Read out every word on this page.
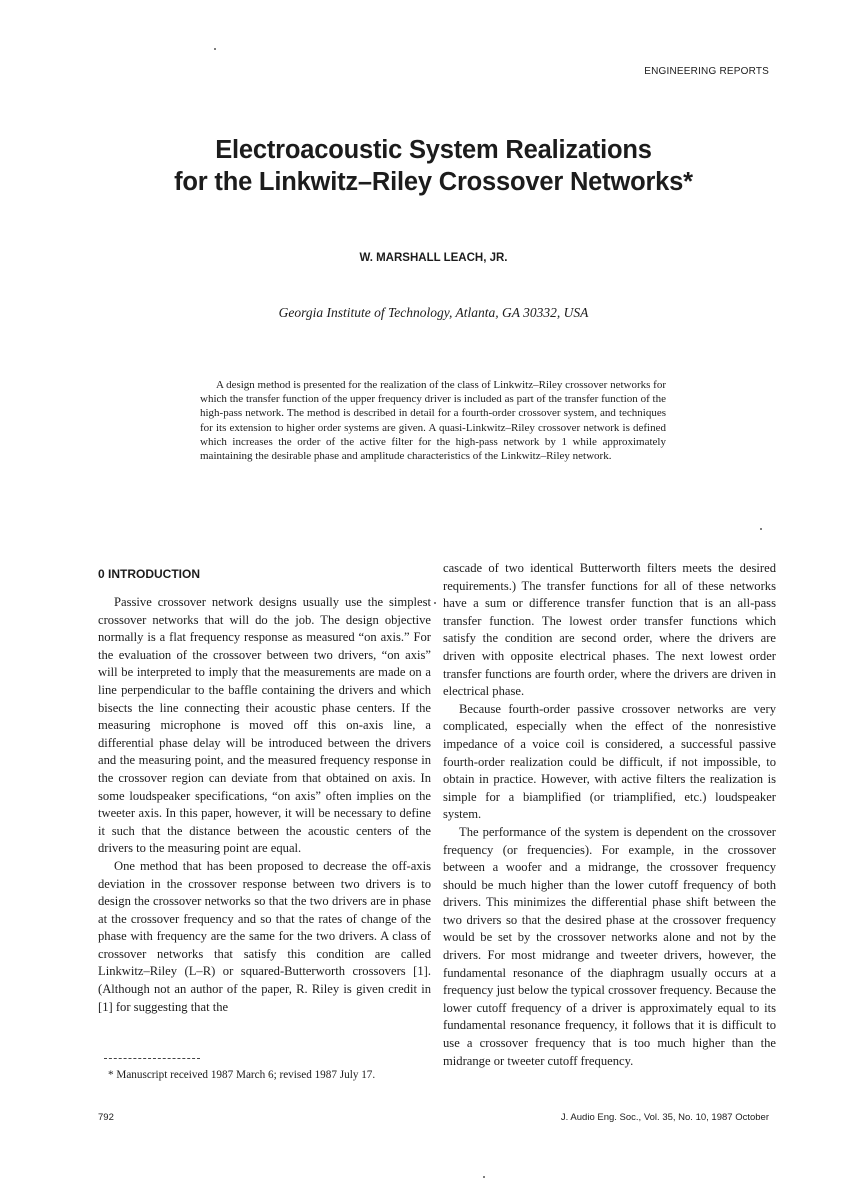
ENGINEERING REPORTS
Electroacoustic System Realizations
for the Linkwitz–Riley Crossover Networks*
W. MARSHALL LEACH, JR.
Georgia Institute of Technology, Atlanta, GA 30332, USA

A design method is presented for the realization of the class of Linkwitz–Riley crossover networks for which the transfer function of the upper frequency driver is included as part of the transfer function of the high-pass network. The method is described in detail for a fourth-order crossover system, and techniques for its extension to higher order systems are given. A quasi-Linkwitz–Riley crossover network is defined which increases the order of the active filter for the high-pass network by 1 while approximately maintaining the desirable phase and amplitude characteristics of the Linkwitz–Riley network.

0 INTRODUCTION

Passive crossover network designs usually use the simplest crossover networks that will do the job. The design objective normally is a flat frequency response as measured “on axis.” For the evaluation of the crossover between two drivers, “on axis” will be interpreted to imply that the measurements are made on a line perpendicular to the baffle containing the drivers and which bisects the line connecting their acoustic phase centers. If the measuring microphone is moved off this on-axis line, a differential phase delay will be introduced between the drivers and the measuring point, and the measured frequency response in the crossover region can deviate from that obtained on axis. In some loudspeaker specifications, “on axis” often implies on the tweeter axis. In this paper, however, it will be necessary to define it such that the distance between the acoustic centers of the drivers to the measuring point are equal.

One method that has been proposed to decrease the off-axis deviation in the crossover response between two drivers is to design the crossover networks so that the two drivers are in phase at the crossover frequency and so that the rates of change of the phase with frequency are the same for the two drivers. A class of crossover networks that satisfy this condition are called Linkwitz–Riley (L–R) or squared-Butterworth crossovers [1]. (Although not an author of the paper, R. Riley is given credit in [1] for suggesting that the

cascade of two identical Butterworth filters meets the desired requirements.) The transfer functions for all of these networks have a sum or difference transfer function that is an all-pass transfer function. The lowest order transfer functions which satisfy the condition are second order, where the drivers are driven with opposite electrical phases. The next lowest order transfer functions are fourth order, where the drivers are driven in electrical phase.

Because fourth-order passive crossover networks are very complicated, especially when the effect of the nonresistive impedance of a voice coil is considered, a successful passive fourth-order realization could be difficult, if not impossible, to obtain in practice. However, with active filters the realization is simple for a biamplified (or triamplified, etc.) loudspeaker system.

The performance of the system is dependent on the crossover frequency (or frequencies). For example, in the crossover between a woofer and a midrange, the crossover frequency should be much higher than the lower cutoff frequency of both drivers. This minimizes the differential phase shift between the two drivers so that the desired phase at the crossover frequency would be set by the crossover networks alone and not by the drivers. For most midrange and tweeter drivers, however, the fundamental resonance of the diaphragm usually occurs at a frequency just below the typical crossover frequency. Because the lower cutoff frequency of a driver is approximately equal to its fundamental resonance frequency, it follows that it is difficult to use a crossover frequency that is too much higher than the midrange or tweeter cutoff frequency.

* Manuscript received 1987 March 6; revised 1987 July 17.
792	J. Audio Eng. Soc., Vol. 35, No. 10, 1987 October
